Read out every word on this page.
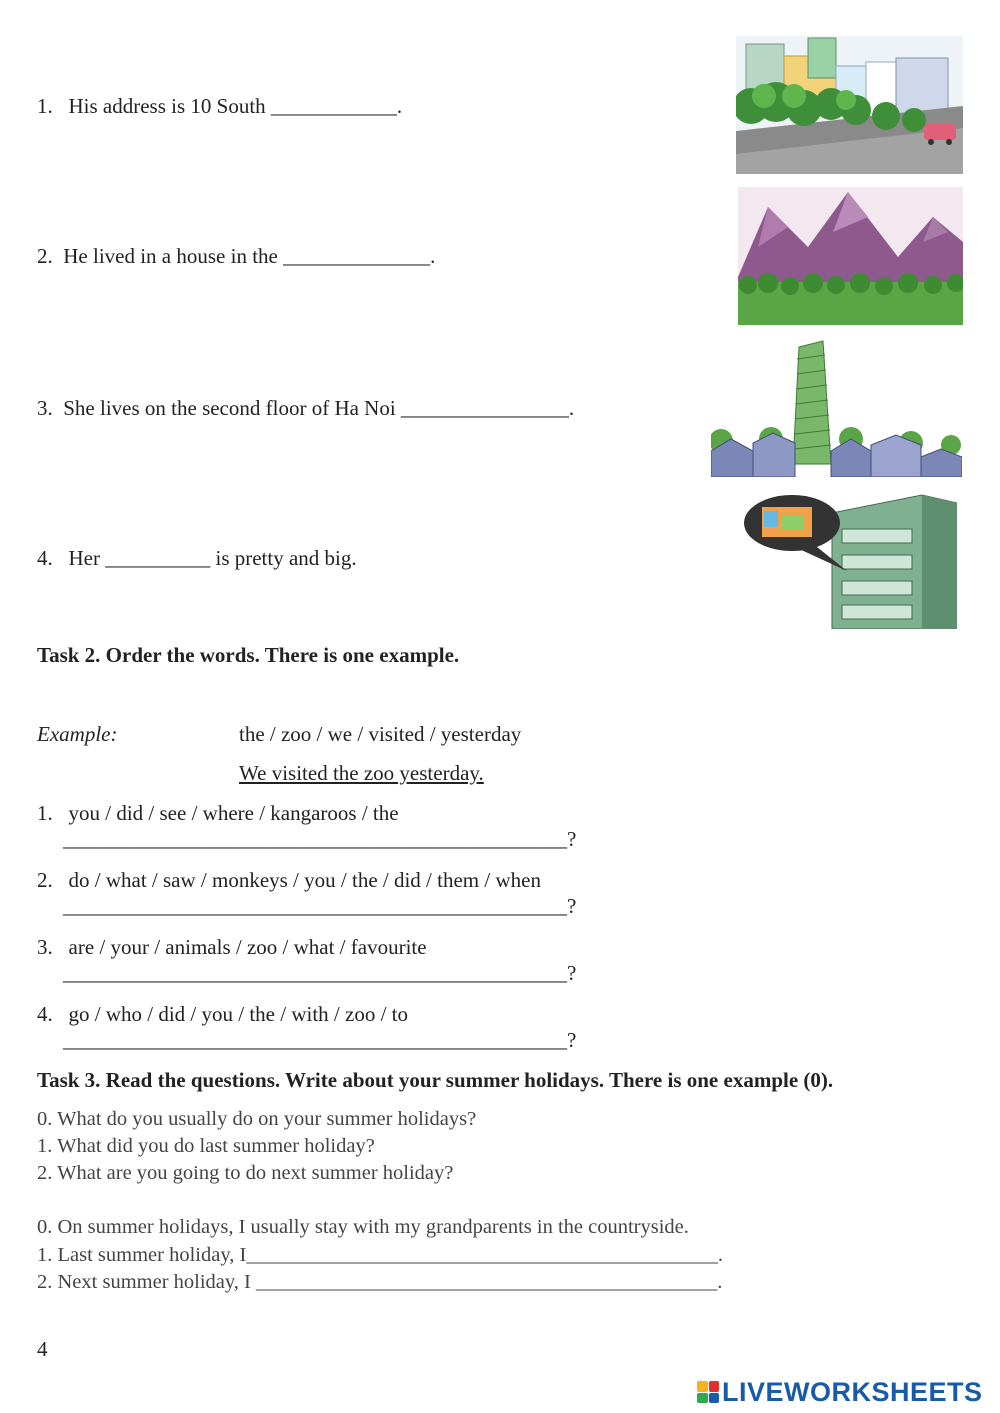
1.   His address is 10 South ____________.
2.  He lived in a house in the ______________.
3.  She lives on the second floor of Ha Noi ________________.
4.   Her __________ is pretty and big.
Task 2. Order the words. There is one example.
Example:	the / zoo / we / visited / yesterday
We visited the zoo yesterday.
1.   you / did / see / where / kangaroos / the
________________________________________________?
2.   do / what / saw / monkeys / you / the / did / them / when
________________________________________________?
3.   are / your / animals / zoo / what / favourite
________________________________________________?
4.   go / who / did / you / the / with / zoo / to
________________________________________________?
Task 3. Read the questions. Write about your summer holidays. There is one example (0).
0. What do you usually do on your summer holidays?
1. What did you do last summer holiday?
2. What are you going to do next summer holiday?
0. On summer holidays, I usually stay with my grandparents in the countryside.
1. Last summer holiday, I______________________________________________.
2. Next summer holiday, I _____________________________________________.
4
LIVEWORKSHEETS
